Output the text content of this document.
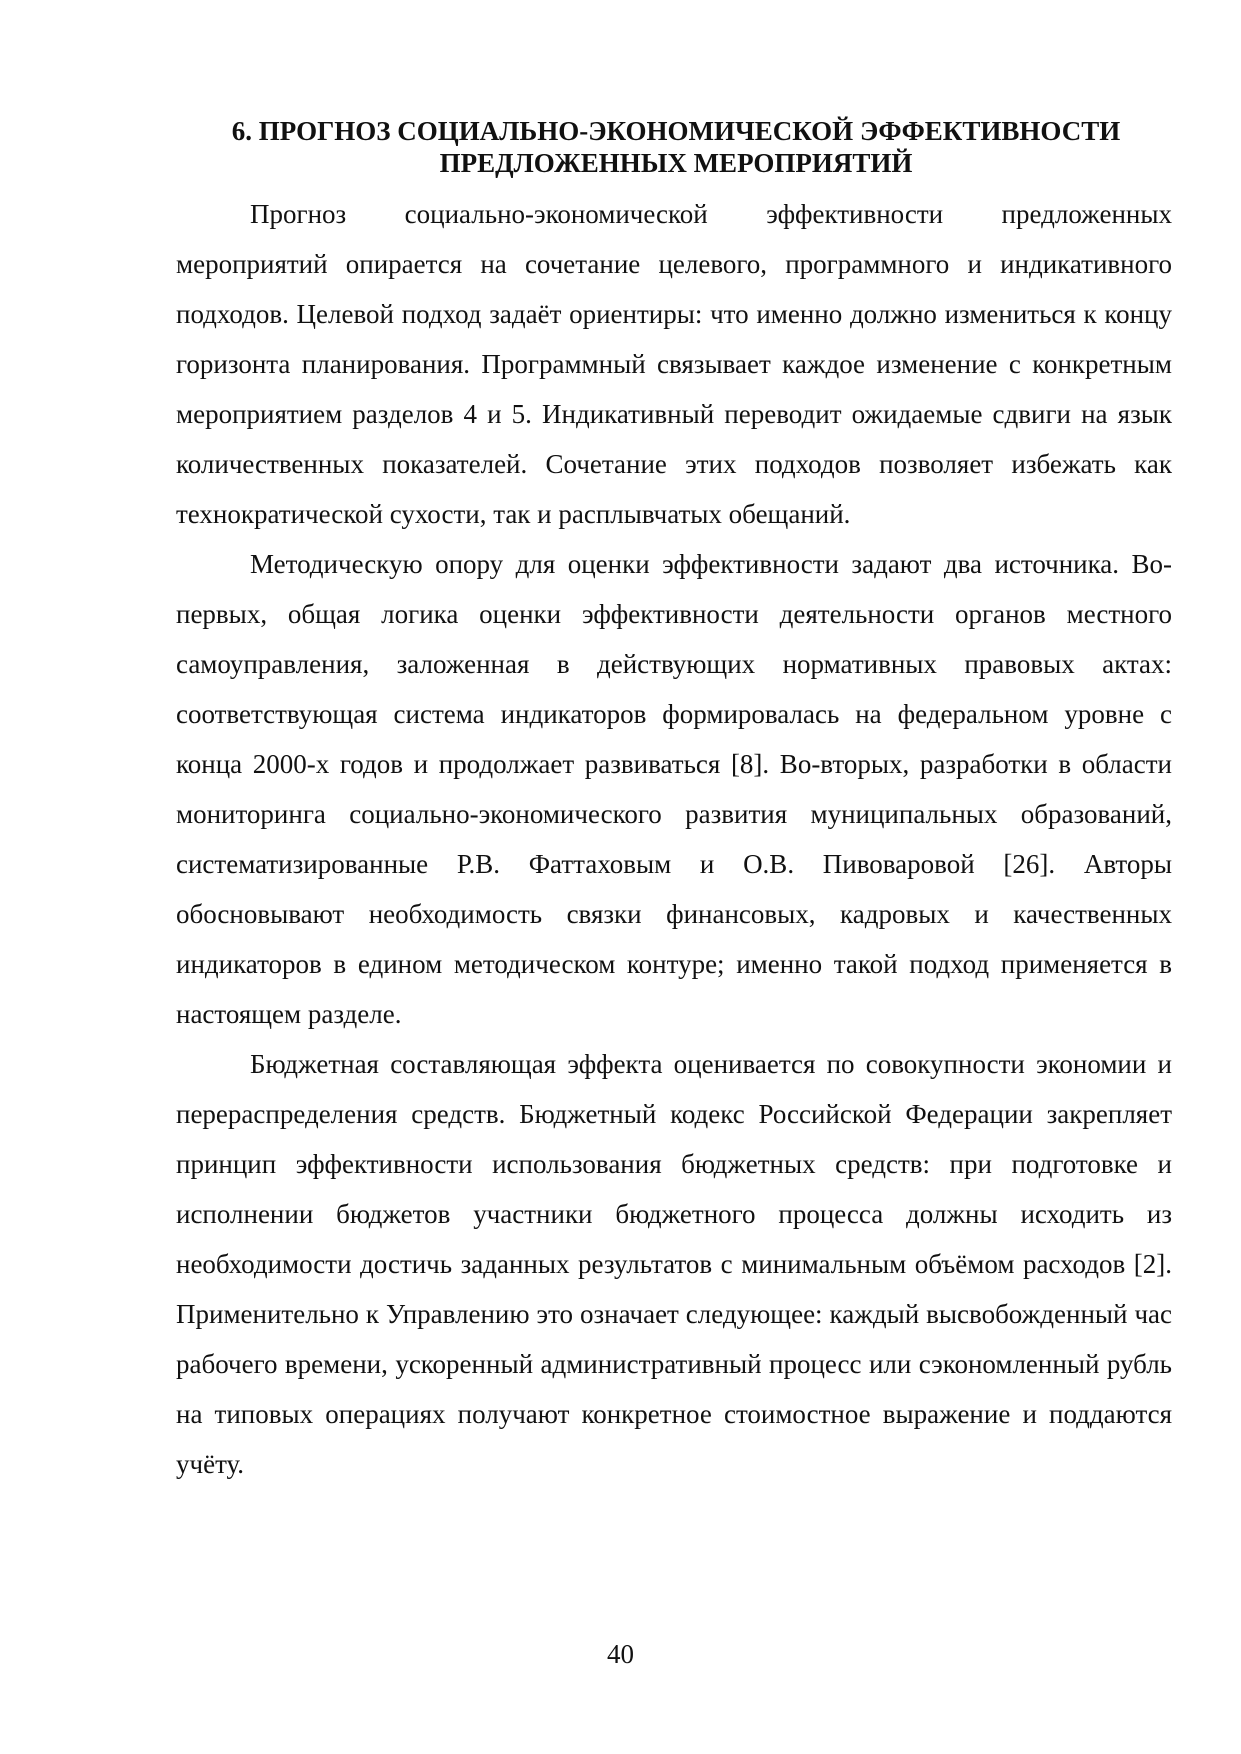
6. ПРОГНОЗ СОЦИАЛЬНО-ЭКОНОМИЧЕСКОЙ ЭФФЕКТИВНОСТИ
ПРЕДЛОЖЕННЫХ МЕРОПРИЯТИЙ

Прогноз социально-экономической эффективности предложенных мероприятий опирается на сочетание целевого, программного и индикативного подходов. Целевой подход задаёт ориентиры: что именно должно измениться к концу горизонта планирования. Программный связывает каждое изменение с конкретным мероприятием разделов 4 и 5. Индикативный переводит ожидаемые сдвиги на язык количественных показателей. Сочетание этих подходов позволяет избежать как технократической сухости, так и расплывчатых обещаний.

Методическую опору для оценки эффективности задают два источника. Во-первых, общая логика оценки эффективности деятельности органов местного самоуправления, заложенная в действующих нормативных правовых актах: соответствующая система индикаторов формировалась на федеральном уровне с конца 2000-х годов и продолжает развиваться [8]. Во-вторых, разработки в области мониторинга социально-экономического развития муниципальных образований, систематизированные Р.В. Фаттаховым и О.В. Пивоваровой [26]. Авторы обосновывают необходимость связки финансовых, кадровых и качественных индикаторов в едином методическом контуре; именно такой подход применяется в настоящем разделе.

Бюджетная составляющая эффекта оценивается по совокупности экономии и перераспределения средств. Бюджетный кодекс Российской Федерации закрепляет принцип эффективности использования бюджетных средств: при подготовке и исполнении бюджетов участники бюджетного процесса должны исходить из необходимости достичь заданных результатов с минимальным объёмом расходов [2]. Применительно к Управлению это означает следующее: каждый высвобожденный час рабочего времени, ускоренный административный процесс или сэкономленный рубль на типовых операциях получают конкретное стоимостное выражение и поддаются учёту.

40
